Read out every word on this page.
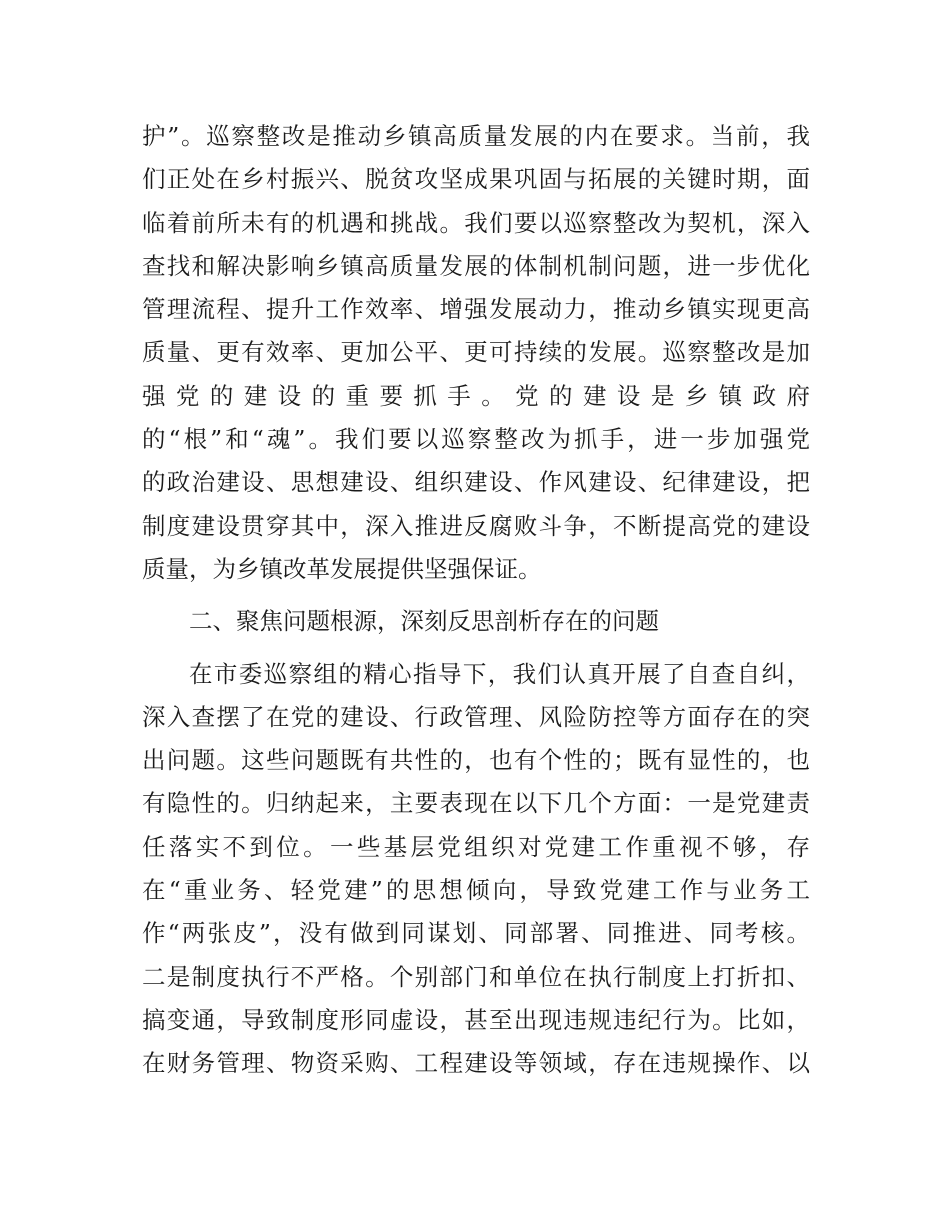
护”。巡察整改是推动乡镇高质量发展的内在要求。当前，我
们正处在乡村振兴、脱贫攻坚成果巩固与拓展的关键时期，面
临着前所未有的机遇和挑战。我们要以巡察整改为契机，深入
查找和解决影响乡镇高质量发展的体制机制问题，进一步优化
管理流程、提升工作效率、增强发展动力，推动乡镇实现更高
质量、更有效率、更加公平、更可持续的发展。巡察整改是加
强党的建设的重要抓手。党的建设是乡镇政府
的“根”和“魂”。我们要以巡察整改为抓手，进一步加强党
的政治建设、思想建设、组织建设、作风建设、纪律建设，把
制度建设贯穿其中，深入推进反腐败斗争，不断提高党的建设
质量，为乡镇改革发展提供坚强保证。
二、聚焦问题根源，深刻反思剖析存在的问题
在市委巡察组的精心指导下，我们认真开展了自查自纠，
深入查摆了在党的建设、行政管理、风险防控等方面存在的突
出问题。这些问题既有共性的，也有个性的；既有显性的，也
有隐性的。归纳起来，主要表现在以下几个方面：一是党建责
任落实不到位。一些基层党组织对党建工作重视不够，存
在“重业务、轻党建”的思想倾向，导致党建工作与业务工
作“两张皮”，没有做到同谋划、同部署、同推进、同考核。
二是制度执行不严格。个别部门和单位在执行制度上打折扣、
搞变通，导致制度形同虚设，甚至出现违规违纪行为。比如，
在财务管理、物资采购、工程建设等领域，存在违规操作、以
